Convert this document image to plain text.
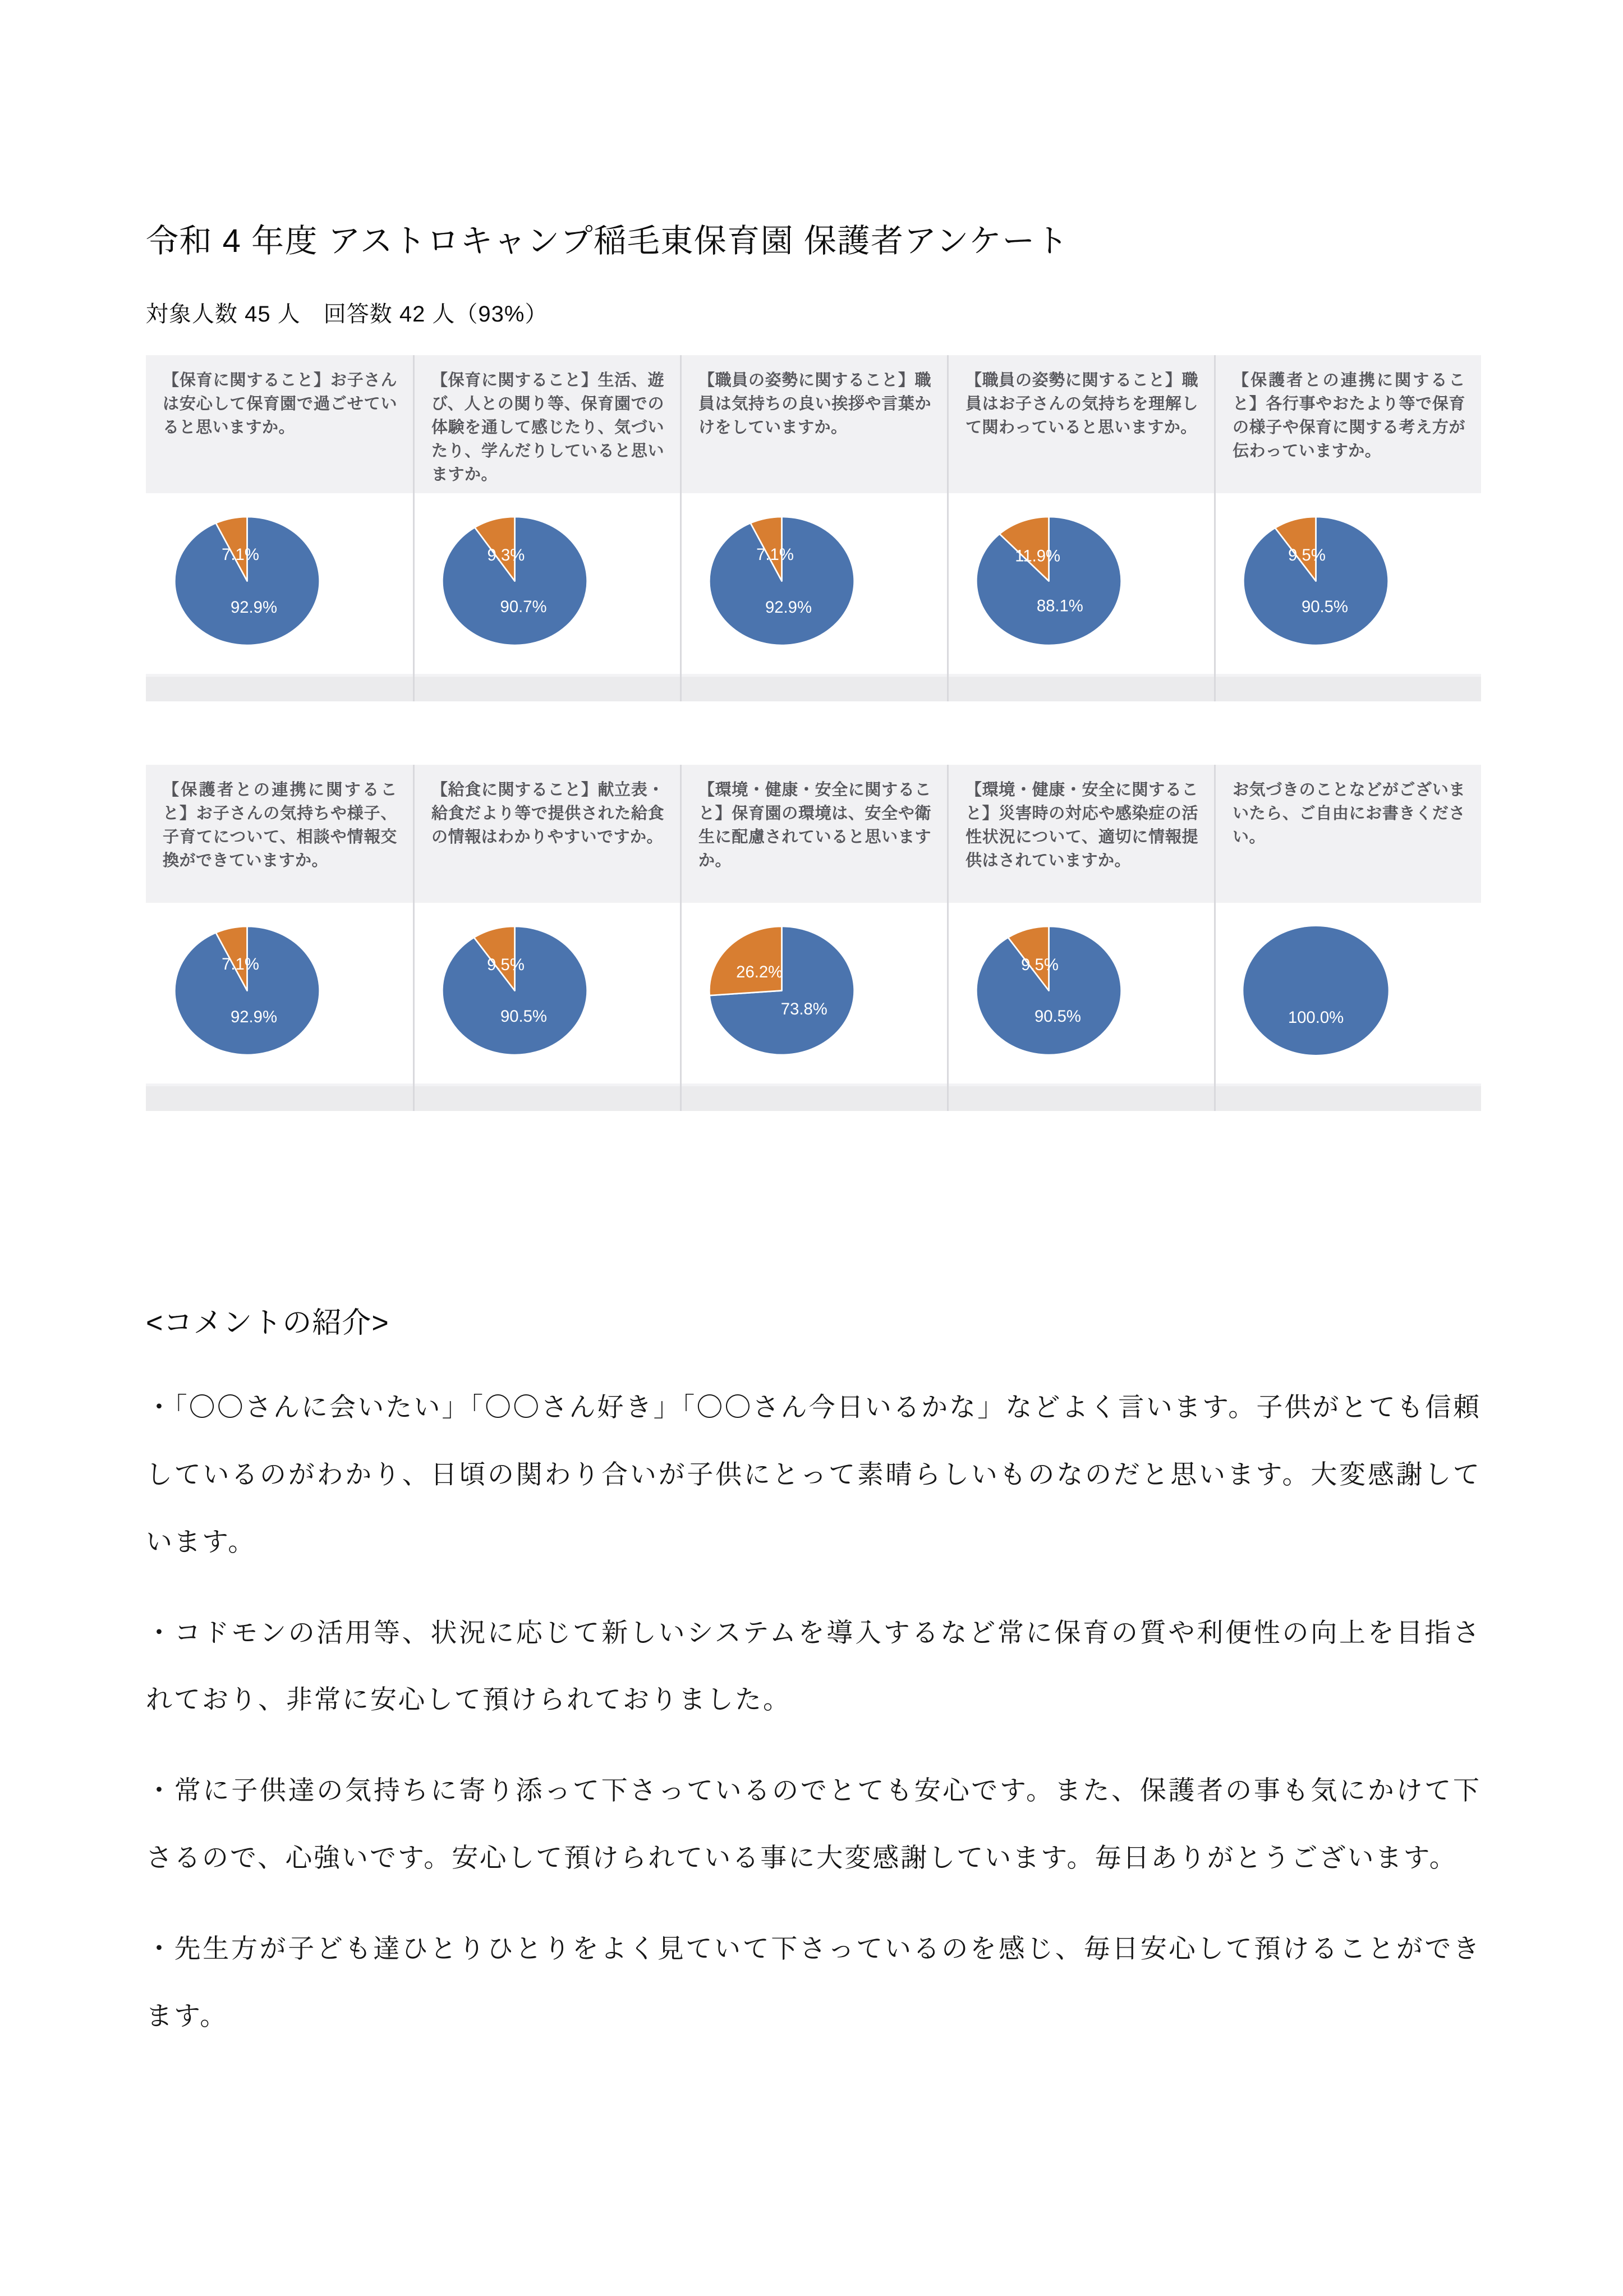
令和 4 年度 アストロキャンプ稲毛東保育園 保護者アンケート

対象人数 45 人　回答数 42 人（93%）

【保育に関すること】お子さんは安心して保育園で過ごせていると思いますか。
92.9%
7.1%
【保育に関すること】生活、遊び、人との関り等、保育園での体験を通して感じたり、気づいたり、学んだりしていると思いますか。
90.7%
9.3%
【職員の姿勢に関すること】職員は気持ちの良い挨拶や言葉かけをしていますか。
92.9%
7.1%
【職員の姿勢に関すること】職員はお子さんの気持ちを理解して関わっていると思いますか。
88.1%
11.9%
【保護者との連携に関すること】各行事やおたより等で保育の様子や保育に関する考え方が伝わっていますか。
90.5%
9.5%
【保護者との連携に関すること】お子さんの気持ちや様子、子育てについて、相談や情報交換ができていますか。
92.9%
7.1%
【給食に関すること】献立表・給食だより等で提供された給食の情報はわかりやすいですか。
90.5%
9.5%
【環境・健康・安全に関すること】保育園の環境は、安全や衛生に配慮されていると思いますか。
73.8%
26.2%
【環境・健康・安全に関すること】災害時の対応や感染症の活性状況について、適切に情報提供はされていますか。
90.5%
9.5%
お気づきのことなどがございまいたら、ご自由にお書きください。
100.0%
<コメントの紹介>

・「〇〇さんに会いたい」「〇〇さん好き」「〇〇さん今日いるかな」などよく言います。子供がとても信頼しているのがわかり、日頃の関わり合いが子供にとって素晴らしいものなのだと思います。大変感謝しています。

・コドモンの活用等、状況に応じて新しいシステムを導入するなど常に保育の質や利便性の向上を目指されており、非常に安心して預けられておりました。

・常に子供達の気持ちに寄り添って下さっているのでとても安心です。また、保護者の事も気にかけて下さるので、心強いです。安心して預けられている事に大変感謝しています。毎日ありがとうございます。

・先生方が子ども達ひとりひとりをよく見ていて下さっているのを感じ、毎日安心して預けることができます。
